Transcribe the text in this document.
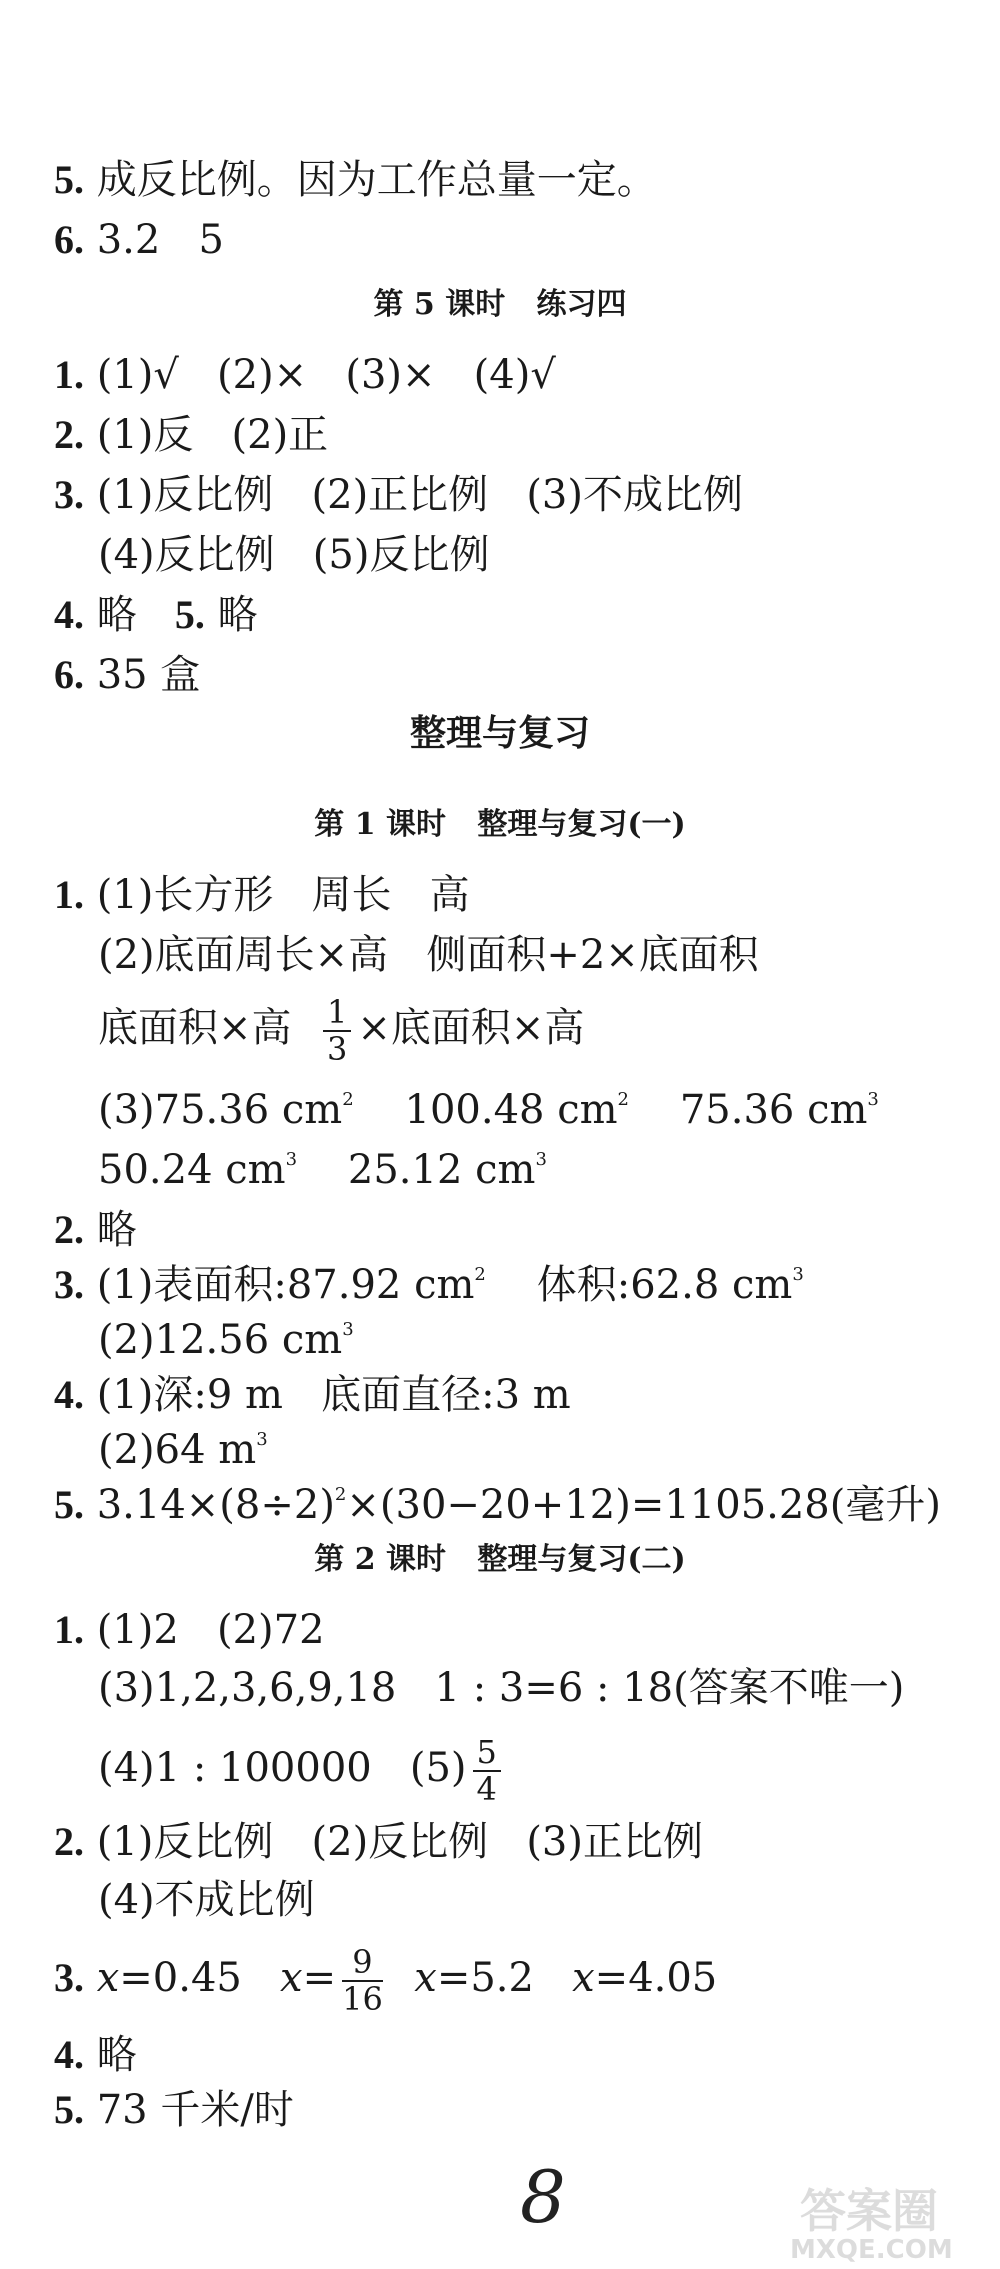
5. 成反比例。因为工作总量一定。
6. 3.2   5
第 5 课时   练习四
1. (1)√   (2)×   (3)×   (4)√
2. (1)反   (2)正
3. (1)反比例   (2)正比例   (3)不成比例
(4)反比例   (5)反比例
4. 略 5. 略
6. 35 盒
整理与复习
第 1 课时   整理与复习(一)
1. (1)长方形   周长   高
(2)底面周长×高   侧面积+2×底面积
底面积×高 $\frac{1}{3}$ ×底面积×高
(3)75.36 $cm^2$ 100.48 $cm^2$ 75.36 $cm^3$
50.24 $cm^3$ 25.12 $cm^3$
2. 略
3. (1)表面积:87.92 $cm^2$ 体积:62.8 $cm^3$
(2)12.56 $cm^3$
4. (1)深:9 m   底面直径:3 m
(2)64 $m^3$
5. $3.14\times(8\div 2)^2\times(30-20+12)=1105.28$(毫升)
第 2 课时   整理与复习(二)
1. (1)2   (2)72
(3)1,2,3,6,9,18   1 : 3=6 : 18(答案不唯一)
(4)1 : 100000   $(5) \frac{5}{4}$
2. (1)反比例   (2)反比例   (3)正比例
(4)不成比例
3. x=0.45 $x= \frac{9}{16} x=5.2$ x=4.05
4. 略
5. 73 千米/时
8	答案圈
MXQE.COM
